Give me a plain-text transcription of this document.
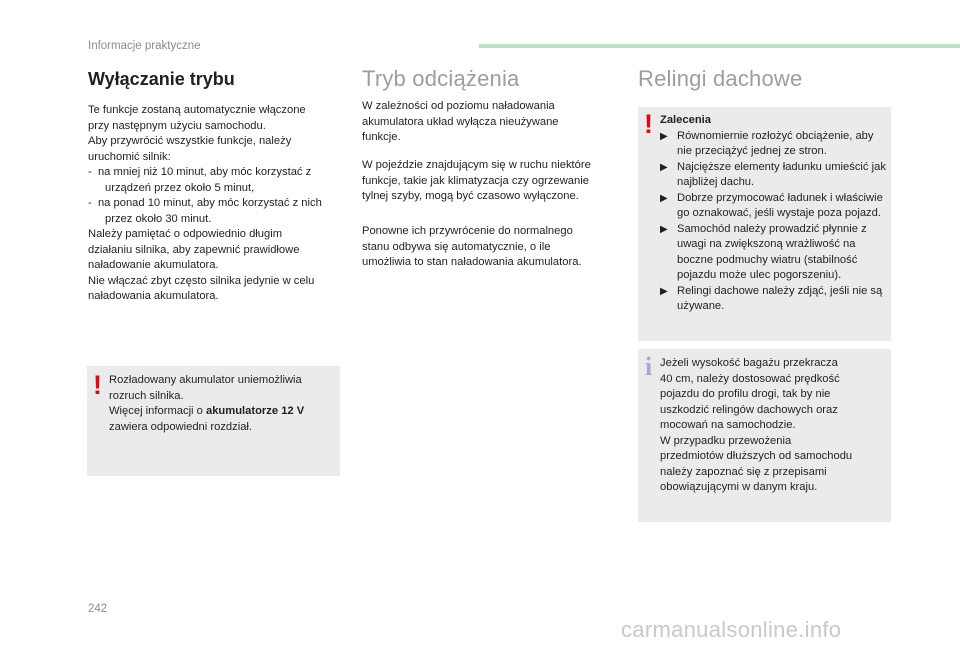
Informacje praktyczne
Wyłączanie trybu
Te funkcje zostaną automatycznie włączone
przy następnym użyciu samochodu.
Aby przywrócić wszystkie funkcje, należy
uruchomić silnik:
-  na mniej niż 10 minut, aby móc korzystać z urządzeń przez około 5 minut,
-  na ponad 10 minut, aby móc korzystać z nich przez około 30 minut.
Należy pamiętać o odpowiednio długim
działaniu silnika, aby zapewnić prawidłowe
naładowanie akumulatora.
Nie włączać zbyt często silnika jedynie w celu
naładowania akumulatora.
! Rozładowany akumulator uniemożliwia
rozruch silnika.
Więcej informacji o akumulatorze 12 V
zawiera odpowiedni rozdział.
Tryb odciążenia
W zależności od poziomu naładowania
akumulatora układ wyłącza nieużywane
funkcje.
W pojeździe znajdującym się w ruchu niektóre
funkcje, takie jak klimatyzacja czy ogrzewanie
tylnej szyby, mogą być czasowo wyłączone.
Ponowne ich przywrócenie do normalnego
stanu odbywa się automatycznie, o ile
umożliwia to stan naładowania akumulatora.
Relingi dachowe
! Zalecenia
▶ Równomiernie rozłożyć obciążenie, aby nie przeciążyć jednej ze stron.
▶ Najcięższe elementy ładunku umieścić jak najbliżej dachu.
▶ Dobrze przymocować ładunek i właściwie go oznakować, jeśli wystaje poza pojazd.
▶ Samochód należy prowadzić płynnie z uwagi na zwiększoną wrażliwość na boczne podmuchy wiatru (stabilność pojazdu może ulec pogorszeniu).
▶ Relingi dachowe należy zdjąć, jeśli nie są używane.
i Jeżeli wysokość bagażu przekracza
40 cm, należy dostosować prędkość
pojazdu do profilu drogi, tak by nie
uszkodzić relingów dachowych oraz
mocowań na samochodzie.
W przypadku przewożenia
przedmiotów dłuższych od samochodu
należy zapoznać się z przepisami
obowiązującymi w danym kraju.
242
carmanualsonline.info
